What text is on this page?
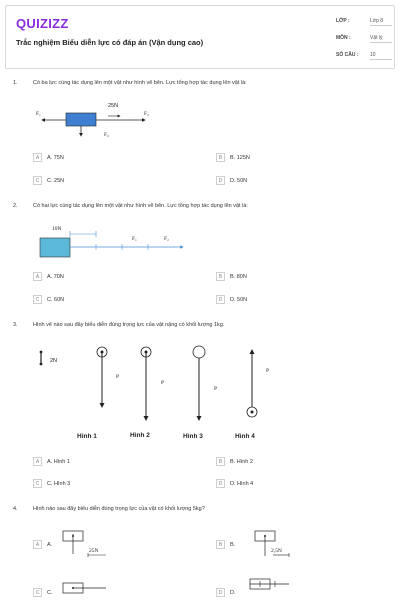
QUIZIZZ
Trắc nghiệm Biểu diễn lực có đáp án (Vận dụng cao)
LỚP :	Lớp 8
MÔN :	Vật lý
SỐ CÂU : 10
1.	Có ba lực cùng tác dụng lên một vật như hình vẽ bên. Lực tổng hợp tác dụng lên vật là:
25N
F₁	F₂
F₃
A	A. 75N	B	B. 125N
C	C. 25N	D	D. 50N
2.	Có hai lực cùng tác dụng lên một vật như hình vẽ bên. Lực tổng hợp tác dụng lên vật là:
10N
F₁	F₂
A	A. 70N	B	B. 80N
C	C. 60N	D	D. 50N
3.	Hình vẽ nào sau đây biểu diễn đúng trọng lực của vật nặng có khối lượng 1kg.
2N
P
P
P
P
Hình 1	Hình 2	Hình 3	Hình 4
A	A. Hình 1	B	B. Hình 2
C	C. Hình 3	D	D. Hình 4
4.	Hình nào sau đây biểu diễn đúng trọng lực của vật có khối lượng 5kg?
A	A.
25N
B	B.
2,5N
C	C.	D	D.
